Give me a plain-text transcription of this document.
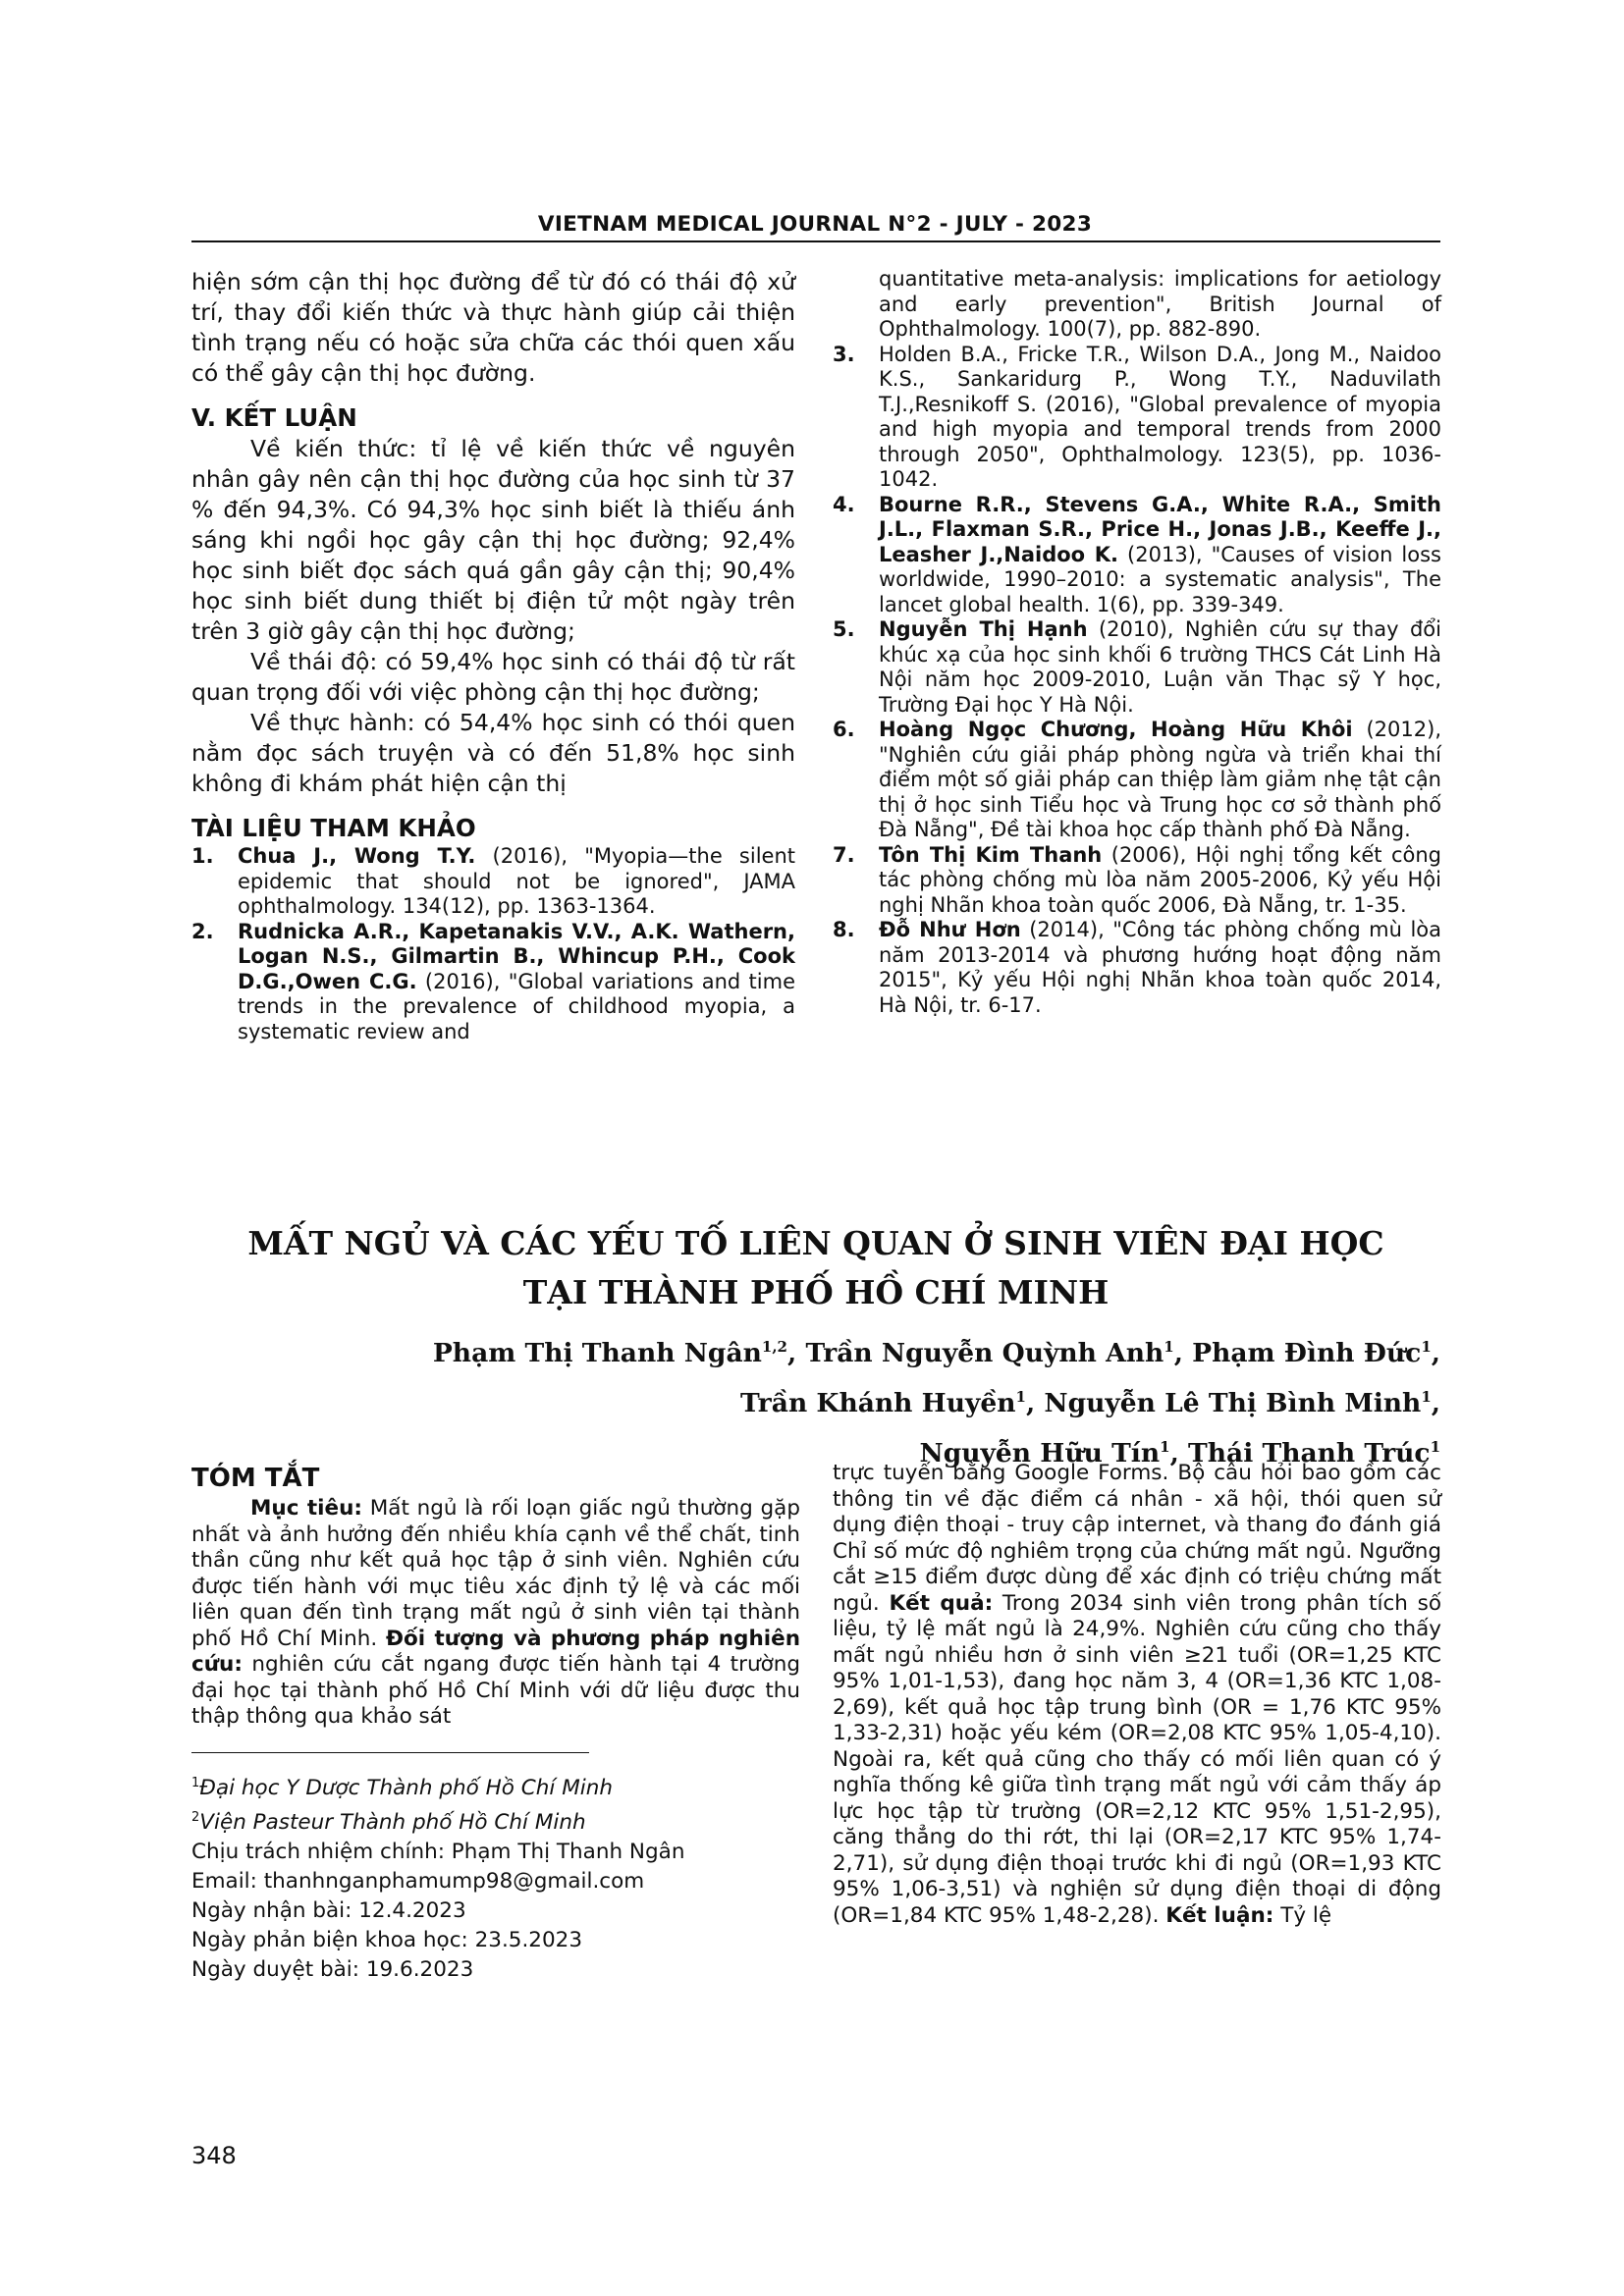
VIETNAM MEDICAL JOURNAL N°2 - JULY - 2023

hiện sớm cận thị học đường để từ đó có thái độ xử trí, thay đổi kiến thức và thực hành giúp cải thiện tình trạng nếu có hoặc sửa chữa các thói quen xấu có thể gây cận thị học đường.

V. KẾT LUẬN

Về kiến thức: tỉ lệ về kiến thức về nguyên nhân gây nên cận thị học đường của học sinh từ 37 % đến 94,3%. Có 94,3% học sinh biết là thiếu ánh sáng khi ngồi học gây cận thị học đường; 92,4% học sinh biết đọc sách quá gần gây cận thị; 90,4% học sinh biết dung thiết bị điện tử một ngày trên trên 3 giờ gây cận thị học đường;

Về thái độ: có 59,4% học sinh có thái độ từ rất quan trọng đối với việc phòng cận thị học đường;

Về thực hành: có 54,4% học sinh có thói quen nằm đọc sách truyện và có đến 51,8% học sinh không đi khám phát hiện cận thị

TÀI LIỆU THAM KHẢO

1.	Chua J., Wong T.Y. (2016), "Myopia—the silent epidemic that should not be ignored", JAMA ophthalmology. 134(12), pp. 1363-1364.
2.	Rudnicka A.R., Kapetanakis V.V., A.K. Wathern, Logan N.S., Gilmartin B., Whincup P.H., Cook D.G.,Owen C.G. (2016), "Global variations and time trends in the prevalence of childhood myopia, a systematic review and
quantitative meta-analysis: implications for aetiology and early prevention", British Journal of Ophthalmology. 100(7), pp. 882-890.
3.	Holden B.A., Fricke T.R., Wilson D.A., Jong M., Naidoo K.S., Sankaridurg P., Wong T.Y., Naduvilath T.J.,Resnikoff S. (2016), "Global prevalence of myopia and high myopia and temporal trends from 2000 through 2050", Ophthalmology. 123(5), pp. 1036-1042.
4.	Bourne R.R., Stevens G.A., White R.A., Smith J.L., Flaxman S.R., Price H., Jonas J.B., Keeffe J., Leasher J.,Naidoo K. (2013), "Causes of vision loss worldwide, 1990–2010: a systematic analysis", The lancet global health. 1(6), pp. 339-349.
5.	Nguyễn Thị Hạnh (2010), Nghiên cứu sự thay đổi khúc xạ của học sinh khối 6 trường THCS Cát Linh Hà Nội năm học 2009-2010, Luận văn Thạc sỹ Y học, Trường Đại học Y Hà Nội.
6.	Hoàng Ngọc Chương, Hoàng Hữu Khôi (2012), "Nghiên cứu giải pháp phòng ngừa và triển khai thí điểm một số giải pháp can thiệp làm giảm nhẹ tật cận thị ở học sinh Tiểu học và Trung học cơ sở thành phố Đà Nẵng", Đề tài khoa học cấp thành phố Đà Nẵng.
7.	Tôn Thị Kim Thanh (2006), Hội nghị tổng kết công tác phòng chống mù lòa năm 2005-2006, Kỷ yếu Hội nghị Nhãn khoa toàn quốc 2006, Đà Nẵng, tr. 1-35.
8.	Đỗ Như Hơn (2014), "Công tác phòng chống mù lòa năm 2013-2014 và phương hướng hoạt động năm 2015", Kỷ yếu Hội nghị Nhãn khoa toàn quốc 2014, Hà Nội, tr. 6-17.
MẤT NGỦ VÀ CÁC YẾU TỐ LIÊN QUAN Ở SINH VIÊN ĐẠI HỌC
TẠI THÀNH PHỐ HỒ CHÍ MINH
Phạm Thị Thanh Ngân$^{1,2}$, Trần Nguyễn Quỳnh Anh$^1$, Phạm Đình Đức$^1$,
Trần Khánh Huyền$^1$, Nguyễn Lê Thị Bình Minh$^1$,
Nguyễn Hữu Tín$^1$, Thái Thanh Trúc$^1$

TÓM TẮT

Mục tiêu: Mất ngủ là rối loạn giấc ngủ thường gặp nhất và ảnh hưởng đến nhiều khía cạnh về thể chất, tinh thần cũng như kết quả học tập ở sinh viên. Nghiên cứu được tiến hành với mục tiêu xác định tỷ lệ và các mối liên quan đến tình trạng mất ngủ ở sinh viên tại thành phố Hồ Chí Minh. Đối tượng và phương pháp nghiên cứu: nghiên cứu cắt ngang được tiến hành tại 4 trường đại học tại thành phố Hồ Chí Minh với dữ liệu được thu thập thông qua khảo sát

$^1$Đại học Y Dược Thành phố Hồ Chí Minh

$^2$Viện Pasteur Thành phố Hồ Chí Minh

Chịu trách nhiệm chính: Phạm Thị Thanh Ngân

Email: thanhnganphamump98@gmail.com

Ngày nhận bài: 12.4.2023

Ngày phản biện khoa học: 23.5.2023

Ngày duyệt bài: 19.6.2023

trực tuyến bằng Google Forms. Bộ câu hỏi bao gồm các thông tin về đặc điểm cá nhân - xã hội, thói quen sử dụng điện thoại - truy cập internet, và thang đo đánh giá Chỉ số mức độ nghiêm trọng của chứng mất ngủ. Ngưỡng cắt ≥15 điểm được dùng để xác định có triệu chứng mất ngủ. Kết quả: Trong 2034 sinh viên trong phân tích số liệu, tỷ lệ mất ngủ là 24,9%. Nghiên cứu cũng cho thấy mất ngủ nhiều hơn ở sinh viên ≥21 tuổi (OR=1,25 KTC 95% 1,01-1,53), đang học năm 3, 4 (OR=1,36 KTC 1,08-2,69), kết quả học tập trung bình (OR = 1,76 KTC 95% 1,33-2,31) hoặc yếu kém (OR=2,08 KTC 95% 1,05-4,10). Ngoài ra, kết quả cũng cho thấy có mối liên quan có ý nghĩa thống kê giữa tình trạng mất ngủ với cảm thấy áp lực học tập từ trường (OR=2,12 KTC 95% 1,51-2,95), căng thẳng do thi rớt, thi lại (OR=2,17 KTC 95% 1,74-2,71), sử dụng điện thoại trước khi đi ngủ (OR=1,93 KTC 95% 1,06-3,51) và nghiện sử dụng điện thoại di động (OR=1,84 KTC 95% 1,48-2,28). Kết luận: Tỷ lệ

348
